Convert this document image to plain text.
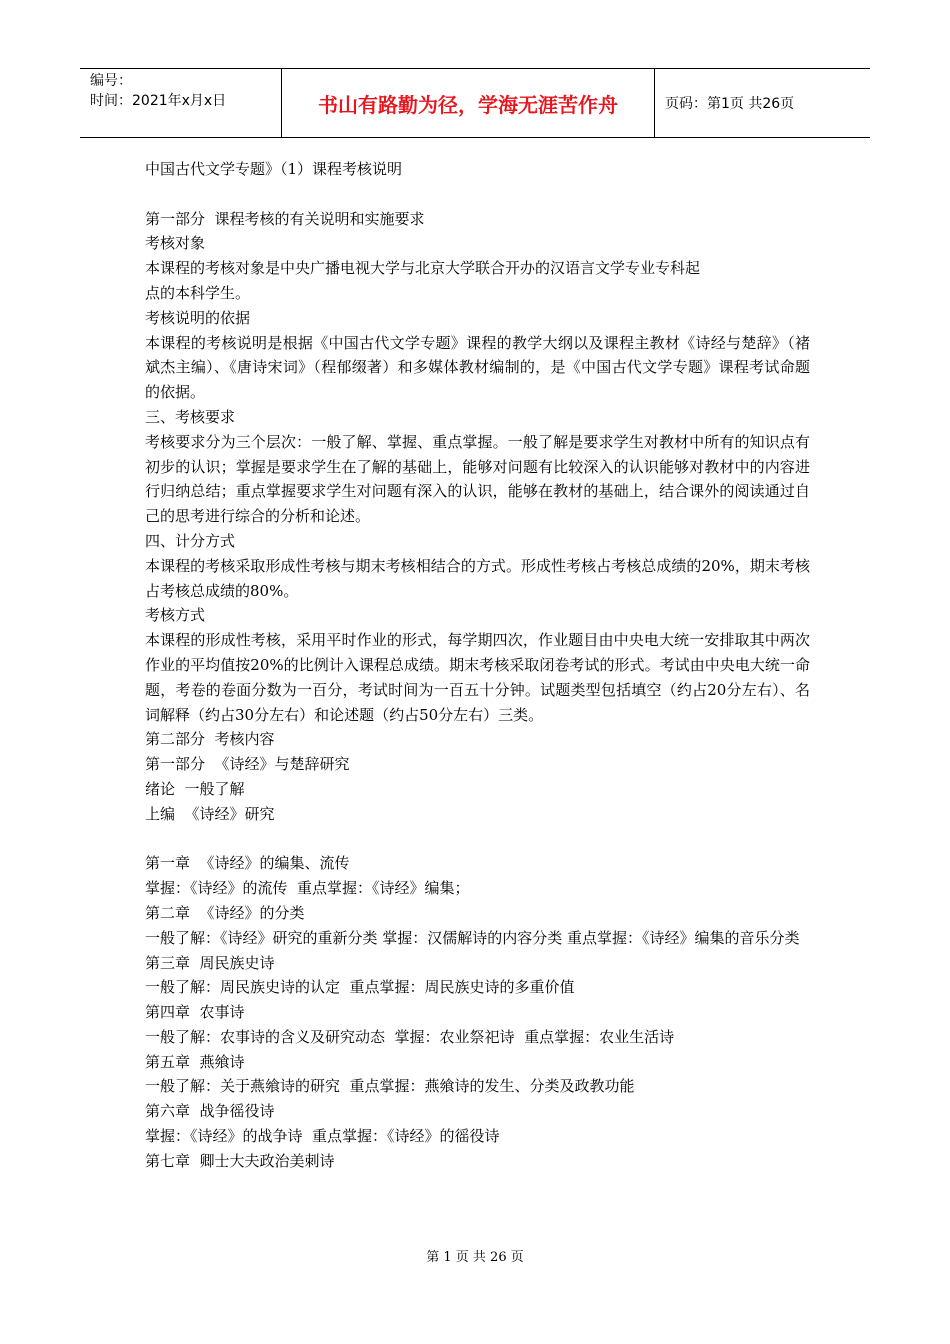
编号：
时间：2021年x月x日	书山有路勤为径，学海无涯苦作舟	页码：第1页 共26页
中国古代文学专题》（1）课程考核说明
第一部分  课程考核的有关说明和实施要求
考核对象
本课程的考核对象是中央广播电视大学与北京大学联合开办的汉语言文学专业专科起
点的本科学生。
考核说明的依据
本课程的考核说明是根据《中国古代文学专题》课程的教学大纲以及课程主教材《诗经与楚辞》（褚斌杰主编）、《唐诗宋词》（程郁缀著）和多媒体教材编制的，是《中国古代文学专题》课程考试命题的依据。
三、考核要求
考核要求分为三个层次：一般了解、掌握、重点掌握。一般了解是要求学生对教材中所有的知识点有初步的认识；掌握是要求学生在了解的基础上，能够对问题有比较深入的认识能够对教材中的内容进行归纳总结；重点掌握要求学生对问题有深入的认识，能够在教材的基础上，结合课外的阅读通过自己的思考进行综合的分析和论述。
四、计分方式
本课程的考核采取形成性考核与期末考核相结合的方式。形成性考核占考核总成绩的20%，期末考核占考核总成绩的80%。
考核方式
本课程的形成性考核，采用平时作业的形式，每学期四次，作业题目由中央电大统一安排取其中两次作业的平均值按20%的比例计入课程总成绩。期末考核采取闭卷考试的形式。考试由中央电大统一命题，考卷的卷面分数为一百分，考试时间为一百五十分钟。试题类型包括填空（约占20分左右）、名词解释（约占30分左右）和论述题（约占50分左右）三类。
第二部分  考核内容
第一部分  《诗经》与楚辞研究
绪论  一般了解
上编  《诗经》研究
第一章  《诗经》的编集、流传
掌握：《诗经》的流传  重点掌握：《诗经》编集；
第二章  《诗经》的分类
一般了解：《诗经》研究的重新分类 掌握：汉儒解诗的内容分类 重点掌握：《诗经》编集的音乐分类
第三章  周民族史诗
一般了解：周民族史诗的认定  重点掌握：周民族史诗的多重价值
第四章  农事诗
一般了解：农事诗的含义及研究动态  掌握：农业祭祀诗  重点掌握：农业生活诗
第五章  燕飨诗
一般了解：关于燕飨诗的研究  重点掌握：燕飨诗的发生、分类及政教功能
第六章  战争徭役诗
掌握：《诗经》的战争诗  重点掌握：《诗经》的徭役诗
第七章  卿士大夫政治美刺诗
第 1 页 共 26 页
